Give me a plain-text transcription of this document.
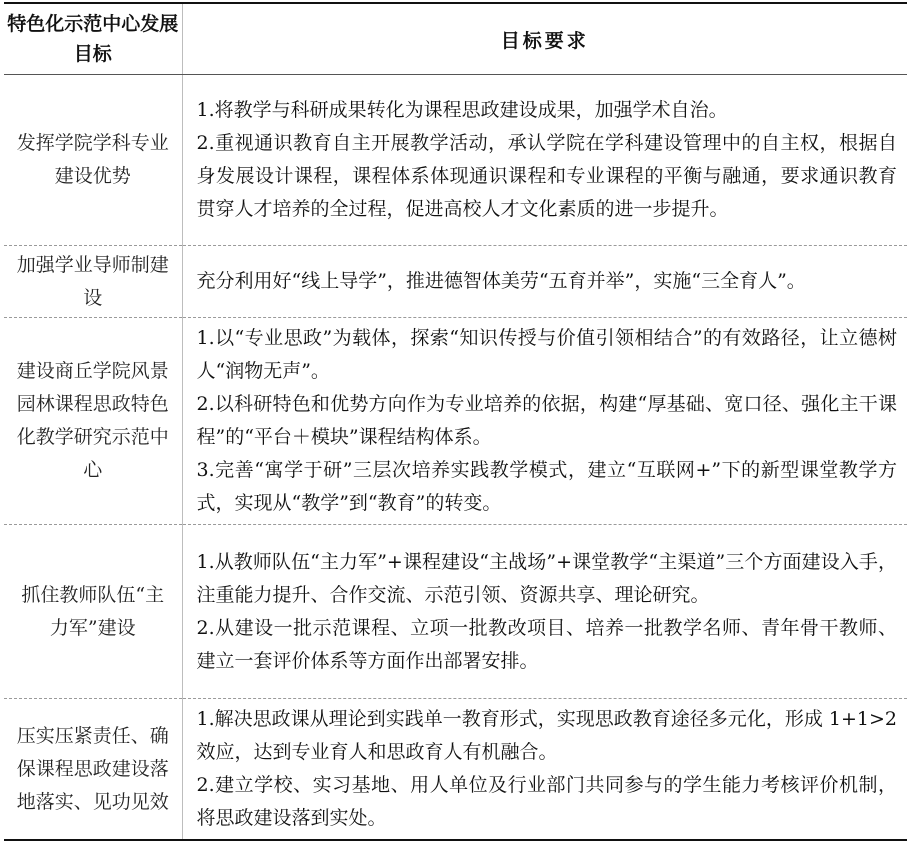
特色化示范中心发展目标	目标要求
发挥学院学科专业建设优势	1.将教学与科研成果转化为课程思政建设成果，加强学术自治。

2.重视通识教育自主开展教学活动，承认学院在学科建设管理中的自主权，根据自身发展设计课程，课程体系体现通识课程和专业课程的平衡与融通，要求通识教育贯穿人才培养的全过程，促进高校人才文化素质的进一步提升。

加强学业导师制建设	充分利用好“线上导学”，推进德智体美劳“五育并举”，实施“三全育人”。

建设商丘学院风景园林课程思政特色化教学研究示范中心	1.以“专业思政”为载体，探索“知识传授与价值引领相结合”的有效路径，让立德树人“润物无声”。

2.以科研特色和优势方向作为专业培养的依据，构建“厚基础、宽口径、强化主干课程”的“平台＋模块”课程结构体系。

3.完善“寓学于研”三层次培养实践教学模式，建立“互联网+”下的新型课堂教学方式，实现从“教学”到“教育”的转变。

抓住教师队伍“主力军”建设	1.从教师队伍“主力军”+课程建设“主战场”+课堂教学“主渠道”三个方面建设入手，注重能力提升、合作交流、示范引领、资源共享、理论研究。

2.从建设一批示范课程、立项一批教改项目、培养一批教学名师、青年骨干教师、建立一套评价体系等方面作出部署安排。

压实压紧责任、确保课程思政建设落地落实、见功见效	1.解决思政课从理论到实践单一教育形式，实现思政教育途径多元化，形成 1+1>2 效应，达到专业育人和思政育人有机融合。

2.建立学校、实习基地、用人单位及行业部门共同参与的学生能力考核评价机制，将思政建设落到实处。
